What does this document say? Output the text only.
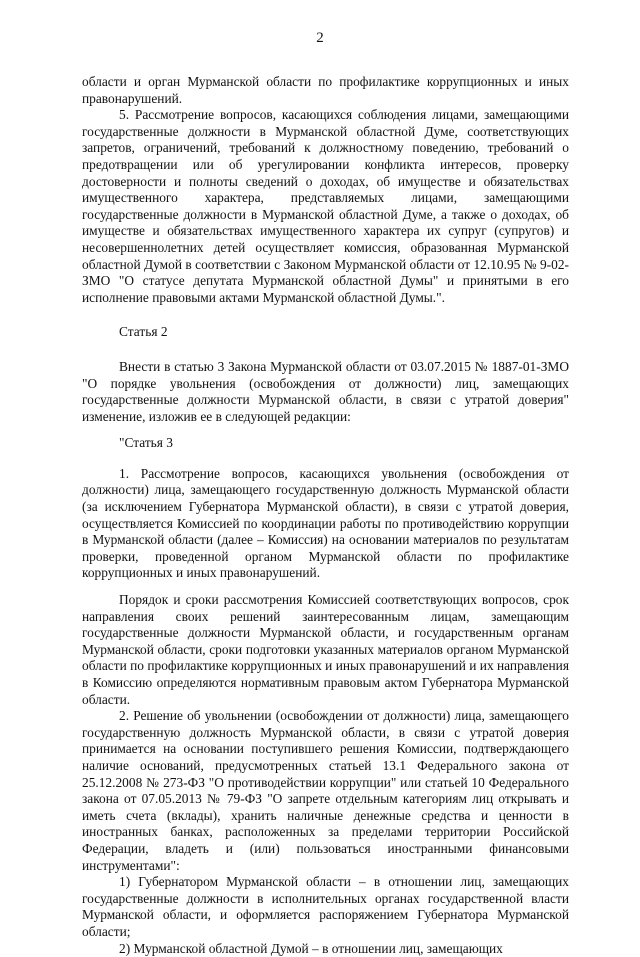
2

области и орган Мурманской области по профилактике коррупционных и иных правонарушений.

5. Рассмотрение вопросов, касающихся соблюдения лицами, замещающими государственные должности в Мурманской областной Думе, соответствующих запретов, ограничений, требований к должностному поведению, требований о предотвращении или об урегулировании конфликта интересов, проверку достоверности и полноты сведений о доходах, об имуществе и обязательствах имущественного характера, представляемых лицами, замещающими государственные должности в Мурманской областной Думе, а также о доходах, об имуществе и обязательствах имущественного характера их супруг (супругов) и несовершеннолетних детей осуществляет комиссия, образованная Мурманской областной Думой в соответствии с Законом Мурманской области от 12.10.95 № 9-02-ЗМО "О статусе депутата Мурманской областной Думы" и принятыми в его исполнение правовыми актами Мурманской областной Думы.".

Статья 2

Внести в статью 3 Закона Мурманской области от 03.07.2015 № 1887-01-ЗМО "О порядке увольнения (освобождения от должности) лиц, замещающих государственные должности Мурманской области, в связи с утратой доверия" изменение, изложив ее в следующей редакции:

"Статья 3

1. Рассмотрение вопросов, касающихся увольнения (освобождения от должности) лица, замещающего государственную должность Мурманской области (за исключением Губернатора Мурманской области), в связи с утратой доверия, осуществляется Комиссией по координации работы по противодействию коррупции в Мурманской области (далее – Комиссия) на основании материалов по результатам проверки, проведенной органом Мурманской области по профилактике коррупционных и иных правонарушений.

Порядок и сроки рассмотрения Комиссией соответствующих вопросов, срок направления своих решений заинтересованным лицам, замещающим государственные должности Мурманской области, и государственным органам Мурманской области, сроки подготовки указанных материалов органом Мурманской области по профилактике коррупционных и иных правонарушений и их направления в Комиссию определяются нормативным правовым актом Губернатора Мурманской области.

2. Решение об увольнении (освобождении от должности) лица, замещающего государственную должность Мурманской области, в связи с утратой доверия принимается на основании поступившего решения Комиссии, подтверждающего наличие оснований, предусмотренных статьей 13.1 Федерального закона от 25.12.2008 № 273-ФЗ "О противодействии коррупции" или статьей 10 Федерального закона от 07.05.2013 № 79-ФЗ "О запрете отдельным категориям лиц открывать и иметь счета (вклады), хранить наличные денежные средства и ценности в иностранных банках, расположенных за пределами территории Российской Федерации, владеть и (или) пользоваться иностранными финансовыми инструментами":

1) Губернатором Мурманской области – в отношении лиц, замещающих государственные должности в исполнительных органах государственной власти Мурманской области, и оформляется распоряжением Губернатора Мурманской области;

2) Мурманской областной Думой – в отношении лиц, замещающих
